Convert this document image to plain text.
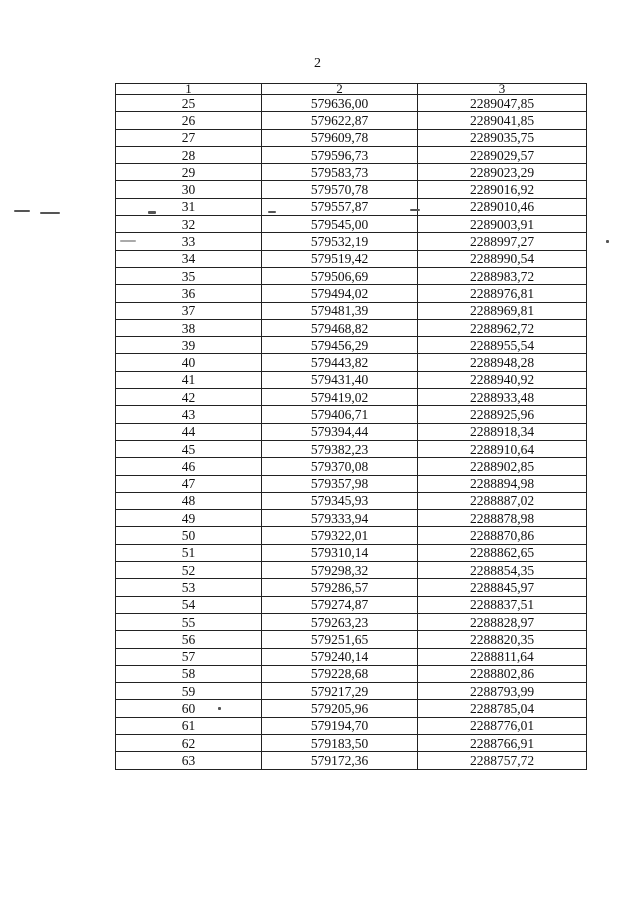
2
1	2	3
25	579636,00	2289047,85
26	579622,87	2289041,85
27	579609,78	2289035,75
28	579596,73	2289029,57
29	579583,73	2289023,29
30	579570,78	2289016,92
31	579557,87	2289010,46
32	579545,00	2289003,91
33	579532,19	2288997,27
34	579519,42	2288990,54
35	579506,69	2288983,72
36	579494,02	2288976,81
37	579481,39	2288969,81
38	579468,82	2288962,72
39	579456,29	2288955,54
40	579443,82	2288948,28
41	579431,40	2288940,92
42	579419,02	2288933,48
43	579406,71	2288925,96
44	579394,44	2288918,34
45	579382,23	2288910,64
46	579370,08	2288902,85
47	579357,98	2288894,98
48	579345,93	2288887,02
49	579333,94	2288878,98
50	579322,01	2288870,86
51	579310,14	2288862,65
52	579298,32	2288854,35
53	579286,57	2288845,97
54	579274,87	2288837,51
55	579263,23	2288828,97
56	579251,65	2288820,35
57	579240,14	2288811,64
58	579228,68	2288802,86
59	579217,29	2288793,99
60	579205,96	2288785,04
61	579194,70	2288776,01
62	579183,50	2288766,91
63	579172,36	2288757,72
